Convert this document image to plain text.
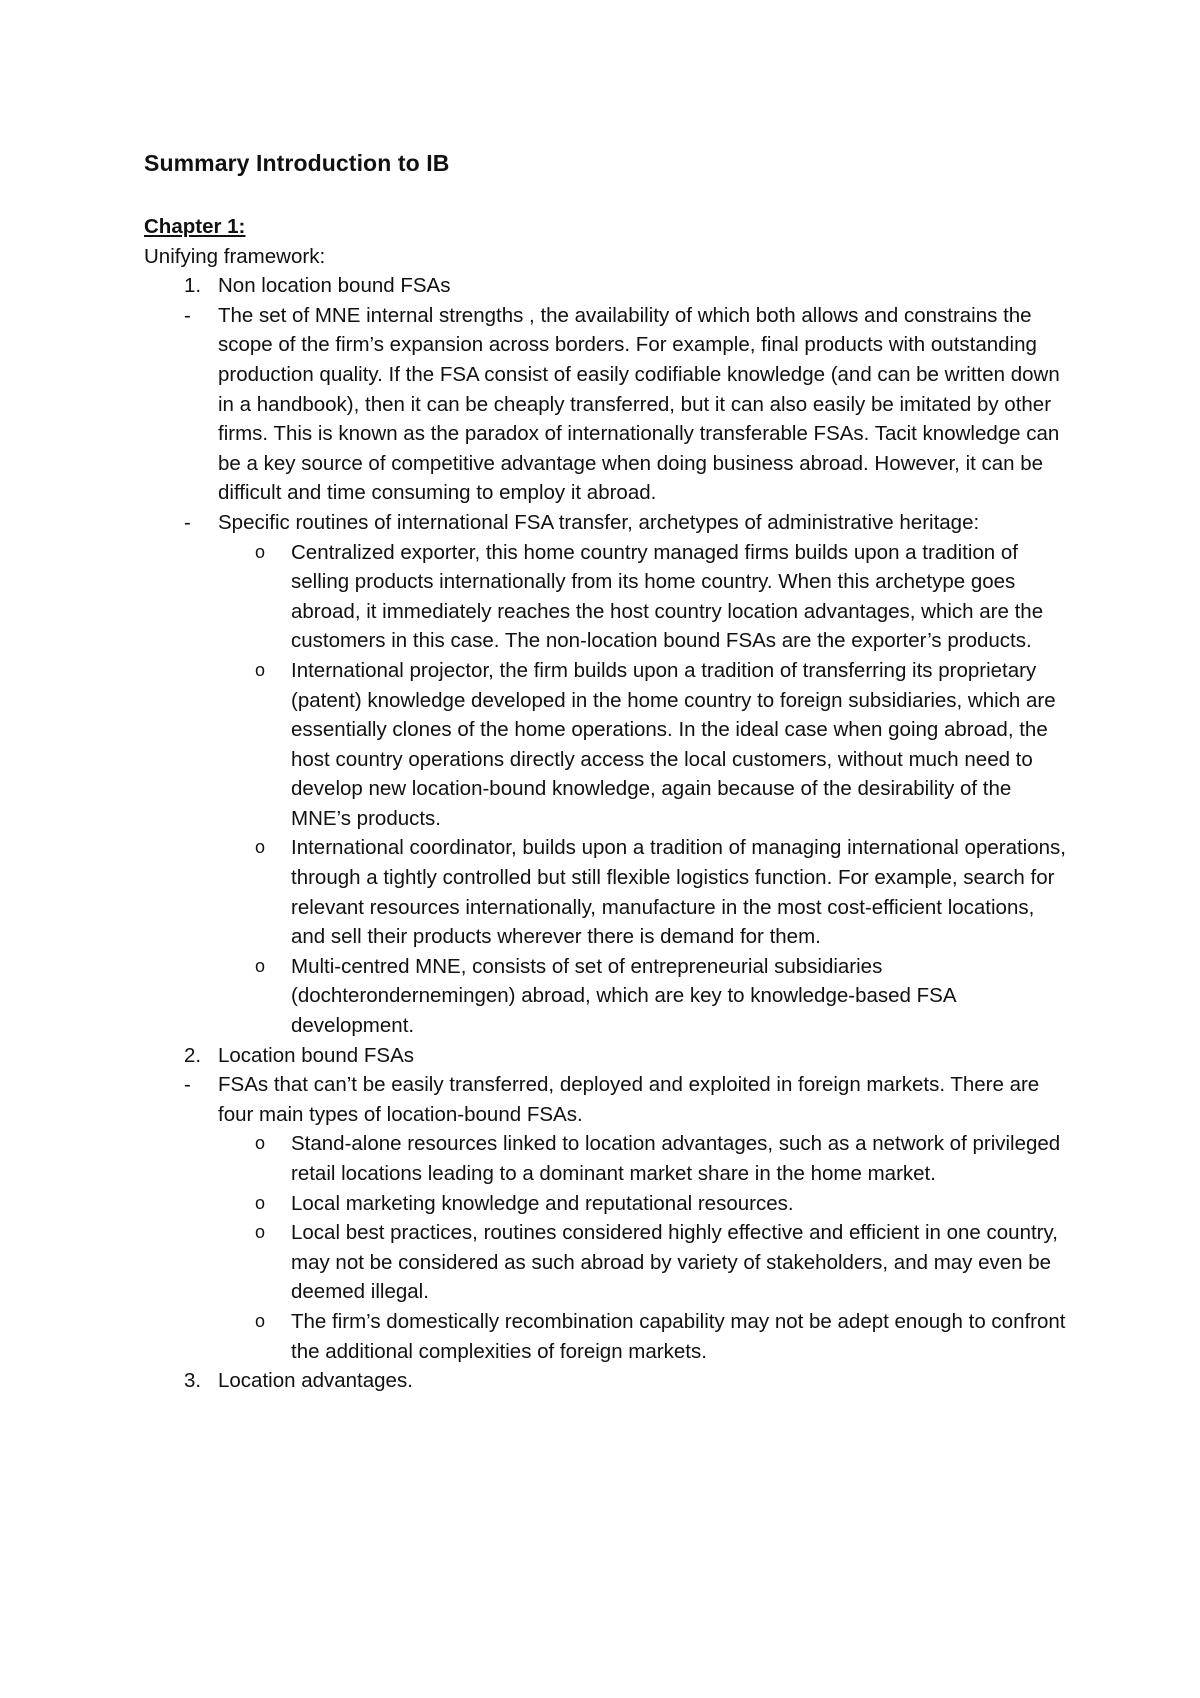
Summary Introduction to IB
Chapter 1:
Unifying framework:
1. Non location bound FSAs
- The set of MNE internal strengths , the availability of which both allows and constrains the scope of the firm’s expansion across borders. For example, final products with outstanding production quality. If the FSA consist of easily codifiable knowledge (and can be written down in a handbook), then it can be cheaply transferred, but it can also easily be imitated by other firms. This is known as the paradox of internationally transferable FSAs. Tacit knowledge can be a key source of competitive advantage when doing business abroad. However, it can be difficult and time consuming to employ it abroad.
- Specific routines of international FSA transfer, archetypes of administrative heritage:
o Centralized exporter, this home country managed firms builds upon a tradition of selling products internationally from its home country. When this archetype goes abroad, it immediately reaches the host country location advantages, which are the customers in this case. The non-location bound FSAs are the exporter’s products.
o International projector, the firm builds upon a tradition of transferring its proprietary (patent) knowledge developed in the home country to foreign subsidiaries, which are essentially clones of the home operations. In the ideal case when going abroad, the host country operations directly access the local customers, without much need to develop new location-bound knowledge, again because of the desirability of the MNE’s products.
o International coordinator, builds upon a tradition of managing international operations, through a tightly controlled but still flexible logistics function. For example, search for relevant resources internationally, manufacture in the most cost-efficient locations, and sell their products wherever there is demand for them.
o Multi-centred MNE, consists of set of entrepreneurial subsidiaries (dochterondernemingen) abroad, which are key to knowledge-based FSA development.
2. Location bound FSAs
- FSAs that can’t be easily transferred, deployed and exploited in foreign markets. There are four main types of location-bound FSAs.
o Stand-alone resources linked to location advantages, such as a network of privileged retail locations leading to a dominant market share in the home market.
o Local marketing knowledge and reputational resources.
o Local best practices, routines considered highly effective and efficient in one country, may not be considered as such abroad by variety of stakeholders, and may even be deemed illegal.
o The firm’s domestically recombination capability may not be adept enough to confront the additional complexities of foreign markets.
3. Location advantages.
